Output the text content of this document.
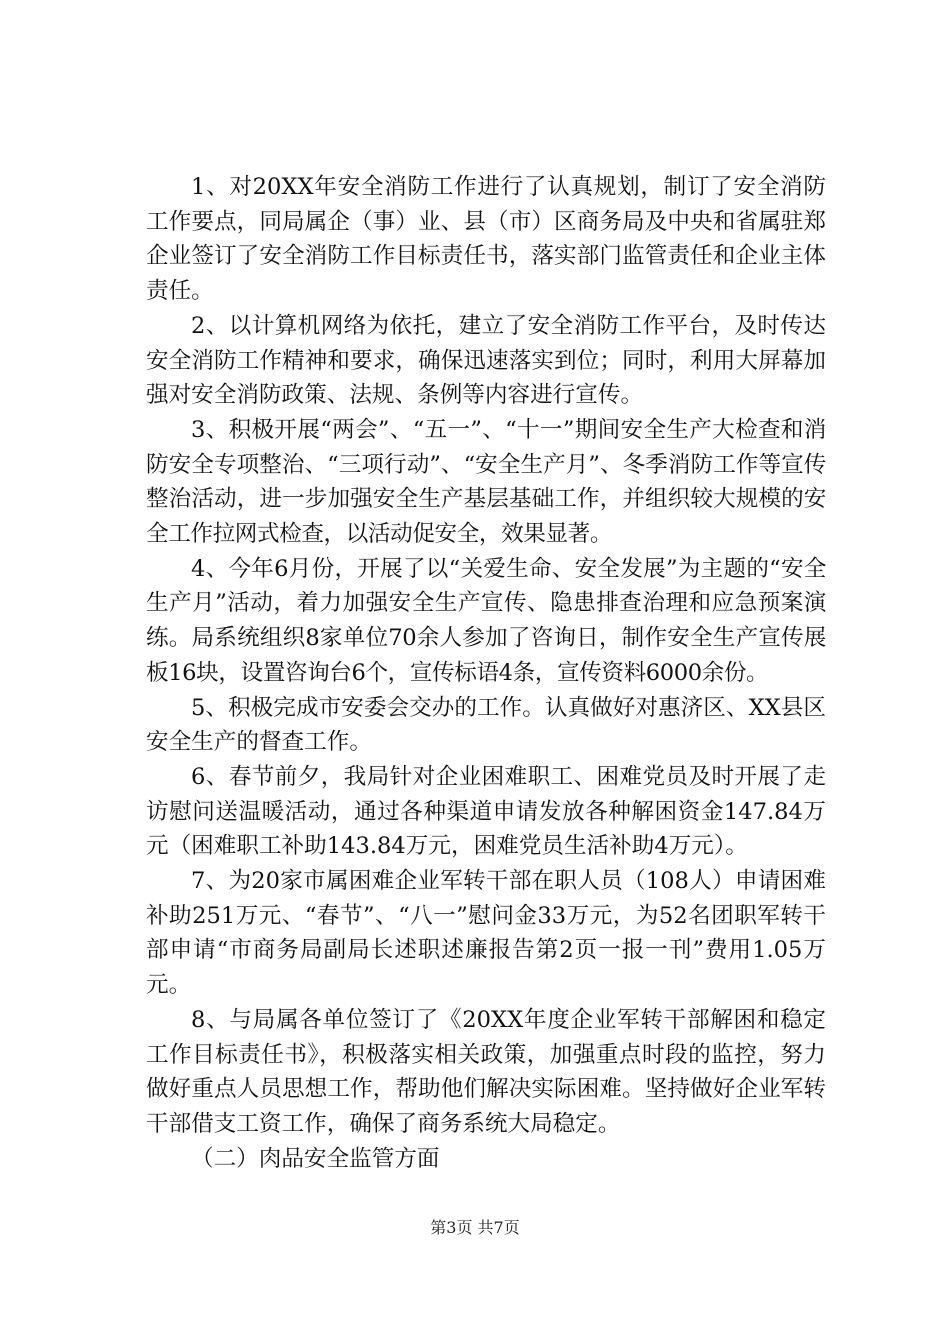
1、对20XX年安全消防工作进行了认真规划，制订了安全消防工作要点，同局属企（事）业、县（市）区商务局及中央和省属驻郑企业签订了安全消防工作目标责任书，落实部门监管责任和企业主体责任。

2、以计算机网络为依托，建立了安全消防工作平台，及时传达安全消防工作精神和要求，确保迅速落实到位；同时，利用大屏幕加强对安全消防政策、法规、条例等内容进行宣传。

3、积极开展“两会”、“五一”、“十一”期间安全生产大检查和消防安全专项整治、“三项行动”、“安全生产月”、冬季消防工作等宣传整治活动，进一步加强安全生产基层基础工作，并组织较大规模的安全工作拉网式检查，以活动促安全，效果显著。

4、今年6月份，开展了以“关爱生命、安全发展”为主题的“安全生产月”活动，着力加强安全生产宣传、隐患排查治理和应急预案演练。局系统组织8家单位70余人参加了咨询日，制作安全生产宣传展板16块，设置咨询台6个，宣传标语4条，宣传资料6000余份。

5、积极完成市安委会交办的工作。认真做好对惠济区、XX县区安全生产的督查工作。

6、春节前夕，我局针对企业困难职工、困难党员及时开展了走访慰问送温暖活动，通过各种渠道申请发放各种解困资金147.84万元（困难职工补助143.84万元，困难党员生活补助4万元）。

7、为20家市属困难企业军转干部在职人员（108人）申请困难补助251万元、“春节”、“八一”慰问金33万元，为52名团职军转干部申请“市商务局副局长述职述廉报告第2页一报一刊”费用1.05万元。

8、与局属各单位签订了《20XX年度企业军转干部解困和稳定工作目标责任书》，积极落实相关政策，加强重点时段的监控，努力做好重点人员思想工作，帮助他们解决实际困难。坚持做好企业军转干部借支工资工作，确保了商务系统大局稳定。

（二）肉品安全监管方面

第3页 共7页
